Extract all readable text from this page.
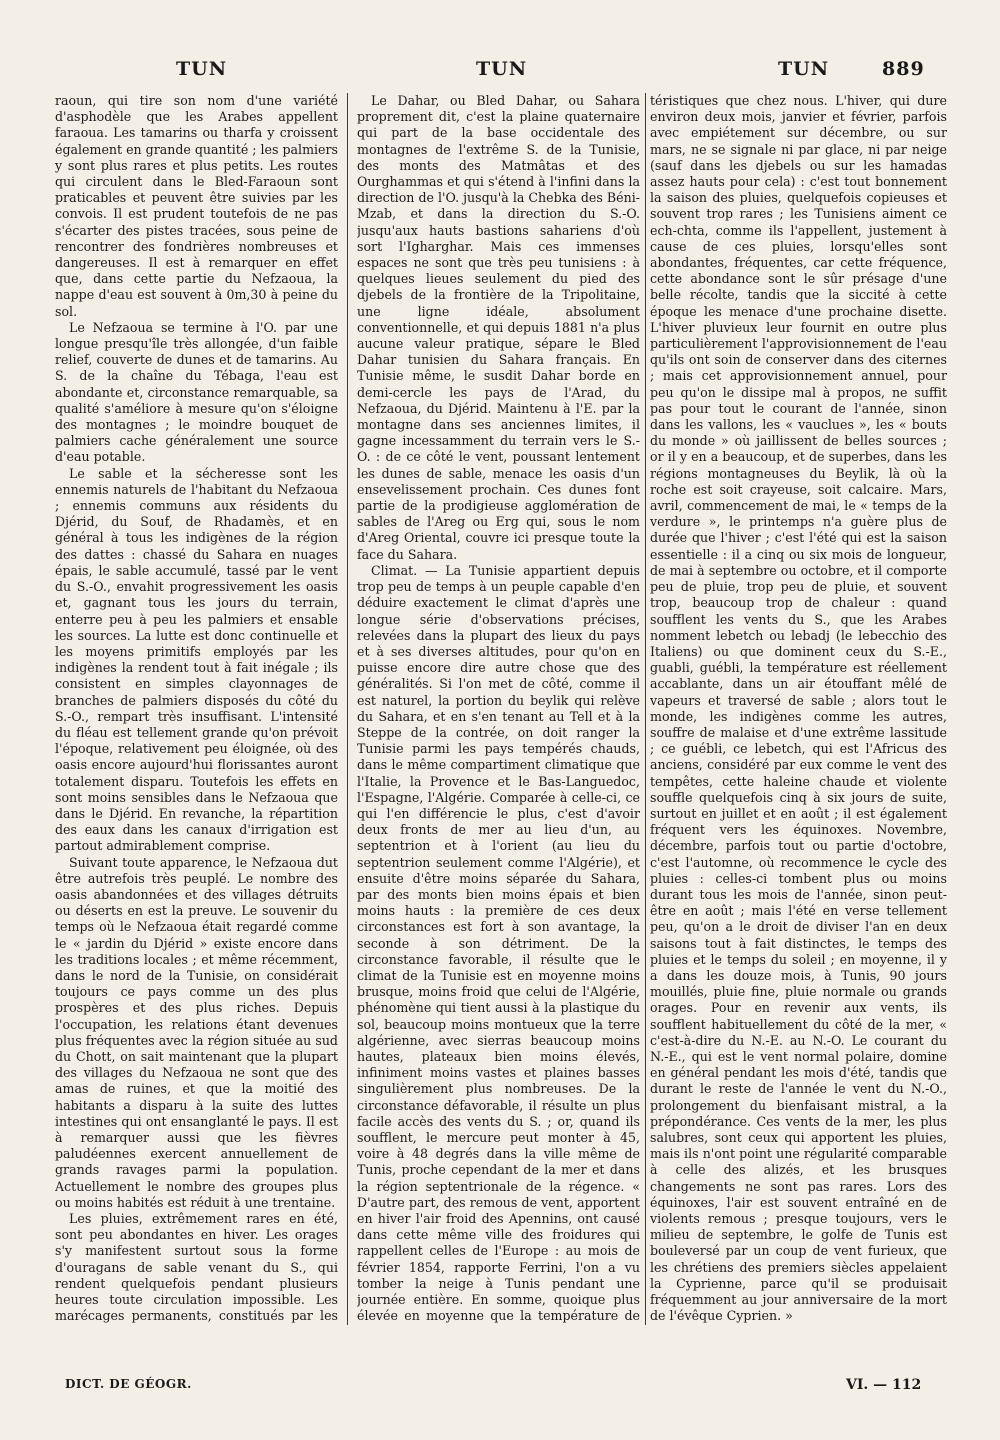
TUN	TUN	TUN	889

raoun, qui tire son nom d'une variété d'asphodèle que les Arabes appellent faraoua. Les tamarins ou tharfa y croissent également en grande quantité ; les palmiers y sont plus rares et plus petits. Les routes qui circulent dans le Bled-Faraoun sont praticables et peuvent être suivies par les convois. Il est prudent toutefois de ne pas s'écarter des pistes tracées, sous peine de rencontrer des fondrières nombreuses et dangereuses. Il est à remarquer en effet que, dans cette partie du Nefzaoua, la nappe d'eau est souvent à 0m,30 à peine du sol.

Le Nefzaoua se termine à l'O. par une longue presqu'île très allongée, d'un faible relief, couverte de dunes et de tamarins. Au S. de la chaîne du Tébaga, l'eau est abondante et, circonstance remarquable, sa qualité s'améliore à mesure qu'on s'éloigne des montagnes ; le moindre bouquet de palmiers cache généralement une source d'eau potable.

Le sable et la sécheresse sont les ennemis naturels de l'habitant du Nefzaoua ; ennemis communs aux résidents du Djérid, du Souf, de Rhadamès, et en général à tous les indigènes de la région des dattes : chassé du Sahara en nuages épais, le sable accumulé, tassé par le vent du S.-O., envahit progressivement les oasis et, gagnant tous les jours du terrain, enterre peu à peu les palmiers et ensable les sources. La lutte est donc continuelle et les moyens primitifs employés par les indigènes la rendent tout à fait inégale ; ils consistent en simples clayonnages de branches de palmiers disposés du côté du S.-O., rempart très insuffisant. L'intensité du fléau est tellement grande qu'on prévoit l'époque, relativement peu éloignée, où des oasis encore aujourd'hui florissantes auront totalement disparu. Toutefois les effets en sont moins sensibles dans le Nefzaoua que dans le Djérid. En revanche, la répartition des eaux dans les canaux d'irrigation est partout admirablement comprise.

Suivant toute apparence, le Nefzaoua dut être autrefois très peuplé. Le nombre des oasis abandonnées et des villages détruits ou déserts en est la preuve. Le souvenir du temps où le Nefzaoua était regardé comme le « jardin du Djérid » existe encore dans les traditions locales ; et même récemment, dans le nord de la Tunisie, on considérait toujours ce pays comme un des plus prospères et des plus riches. Depuis l'occupation, les relations étant devenues plus fréquentes avec la région située au sud du Chott, on sait maintenant que la plupart des villages du Nefzaoua ne sont que des amas de ruines, et que la moitié des habitants a disparu à la suite des luttes intestines qui ont ensanglanté le pays. Il est à remarquer aussi que les fièvres paludéennes exercent annuellement de grands ravages parmi la population. Actuellement le nombre des groupes plus ou moins habités est réduit à une trentaine.

Les pluies, extrêmement rares en été, sont peu abondantes en hiver. Les orages s'y manifestent surtout sous la forme d'ouragans de sable venant du S., qui rendent quelquefois pendant plusieurs heures toute circulation impossible. Les marécages permanents, constitués par les

Le Dahar, ou Bled Dahar, ou Sahara proprement dit, c'est la plaine quaternaire qui part de la base occidentale des montagnes de l'extrême S. de la Tunisie, des monts des Matmâtas et des Ourghammas et qui s'étend à l'infini dans la direction de l'O. jusqu'à la Chebka des Béni-Mzab, et dans la direction du S.-O. jusqu'aux hauts bastions sahariens d'où sort l'Igharghar. Mais ces immenses espaces ne sont que très peu tunisiens : à quelques lieues seulement du pied des djebels de la frontière de la Tripolitaine, une ligne idéale, absolument conventionnelle, et qui depuis 1881 n'a plus aucune valeur pratique, sépare le Bled Dahar tunisien du Sahara français. En Tunisie même, le susdit Dahar borde en demi-cercle les pays de l'Arad, du Nefzaoua, du Djérid. Maintenu à l'E. par la montagne dans ses anciennes limites, il gagne incessamment du terrain vers le S.-O. : de ce côté le vent, poussant lentement les dunes de sable, menace les oasis d'un ensevelissement prochain. Ces dunes font partie de la prodigieuse agglomération de sables de l'Areg ou Erg qui, sous le nom d'Areg Oriental, couvre ici presque toute la face du Sahara.

Climat. — La Tunisie appartient depuis trop peu de temps à un peuple capable d'en déduire exactement le climat d'après une longue série d'observations précises, relevées dans la plupart des lieux du pays et à ses diverses altitudes, pour qu'on en puisse encore dire autre chose que des généralités. Si l'on met de côté, comme il est naturel, la portion du beylik qui relève du Sahara, et en s'en tenant au Tell et à la Steppe de la contrée, on doit ranger la Tunisie parmi les pays tempérés chauds, dans le même compartiment climatique que l'Italie, la Provence et le Bas-Languedoc, l'Espagne, l'Algérie. Comparée à celle-ci, ce qui l'en différencie le plus, c'est d'avoir deux fronts de mer au lieu d'un, au septentrion et à l'orient (au lieu du septentrion seulement comme l'Algérie), et ensuite d'être moins séparée du Sahara, par des monts bien moins épais et bien moins hauts : la première de ces deux circonstances est fort à son avantage, la seconde à son détriment. De la circonstance favorable, il résulte que le climat de la Tunisie est en moyenne moins brusque, moins froid que celui de l'Algérie, phénomène qui tient aussi à la plastique du sol, beaucoup moins montueux que la terre algérienne, avec sierras beaucoup moins hautes, plateaux bien moins élevés, infiniment moins vastes et plaines basses singulièrement plus nombreuses. De la circonstance défavorable, il résulte un plus facile accès des vents du S. ; or, quand ils soufflent, le mercure peut monter à 45, voire à 48 degrés dans la ville même de Tunis, proche cependant de la mer et dans la région septentrionale de la régence. « D'autre part, des remous de vent, apportent en hiver l'air froid des Apennins, ont causé dans cette même ville des froidures qui rappellent celles de l'Europe : au mois de février 1854, rapporte Ferrini, l'on a vu tomber la neige à Tunis pendant une journée entière. En somme, quoique plus élevée en moyenne que la température de

téristiques que chez nous. L'hiver, qui dure environ deux mois, janvier et février, parfois avec empiétement sur décembre, ou sur mars, ne se signale ni par glace, ni par neige (sauf dans les djebels ou sur les hamadas assez hauts pour cela) : c'est tout bonnement la saison des pluies, quelquefois copieuses et souvent trop rares ; les Tunisiens aiment ce ech-chta, comme ils l'appellent, justement à cause de ces pluies, lorsqu'elles sont abondantes, fréquentes, car cette fréquence, cette abondance sont le sûr présage d'une belle récolte, tandis que la siccité à cette époque les menace d'une prochaine disette. L'hiver pluvieux leur fournit en outre plus particulièrement l'approvisionnement de l'eau qu'ils ont soin de conserver dans des citernes ; mais cet approvisionnement annuel, pour peu qu'on le dissipe mal à propos, ne suffit pas pour tout le courant de l'année, sinon dans les vallons, les « vauclues », les « bouts du monde » où jaillissent de belles sources ; or il y en a beaucoup, et de superbes, dans les régions montagneuses du Beylik, là où la roche est soit crayeuse, soit calcaire. Mars, avril, commencement de mai, le « temps de la verdure », le printemps n'a guère plus de durée que l'hiver ; c'est l'été qui est la saison essentielle : il a cinq ou six mois de longueur, de mai à septembre ou octobre, et il comporte peu de pluie, trop peu de pluie, et souvent trop, beaucoup trop de chaleur : quand soufflent les vents du S., que les Arabes nomment lebetch ou lebadj (le lebecchio des Italiens) ou que dominent ceux du S.-E., guabli, guébli, la température est réellement accablante, dans un air étouffant mêlé de vapeurs et traversé de sable ; alors tout le monde, les indigènes comme les autres, souffre de malaise et d'une extrême lassitude ; ce guébli, ce lebetch, qui est l'Africus des anciens, considéré par eux comme le vent des tempêtes, cette haleine chaude et violente souffle quelquefois cinq à six jours de suite, surtout en juillet et en août ; il est également fréquent vers les équinoxes. Novembre, décembre, parfois tout ou partie d'octobre, c'est l'automne, où recommence le cycle des pluies : celles-ci tombent plus ou moins durant tous les mois de l'année, sinon peut-être en août ; mais l'été en verse tellement peu, qu'on a le droit de diviser l'an en deux saisons tout à fait distinctes, le temps des pluies et le temps du soleil ; en moyenne, il y a dans les douze mois, à Tunis, 90 jours mouillés, pluie fine, pluie normale ou grands orages. Pour en revenir aux vents, ils soufflent habituellement du côté de la mer, « c'est-à-dire du N.-E. au N.-O. Le courant du N.-E., qui est le vent normal polaire, domine en général pendant les mois d'été, tandis que durant le reste de l'année le vent du N.-O., prolongement du bienfaisant mistral, a la prépondérance. Ces vents de la mer, les plus salubres, sont ceux qui apportent les pluies, mais ils n'ont point une régularité comparable à celle des alizés, et les brusques changements ne sont pas rares. Lors des équinoxes, l'air est souvent entraîné en de violents remous ; presque toujours, vers le milieu de septembre, le golfe de Tunis est bouleversé par un coup de vent furieux, que les chrétiens des premiers siècles appelaient la Cyprienne, parce qu'il se produisait fréquemment au jour anniversaire de la mort de l'évêque Cyprien. »

DICT. DE GÉOGR.	VI. — 112
